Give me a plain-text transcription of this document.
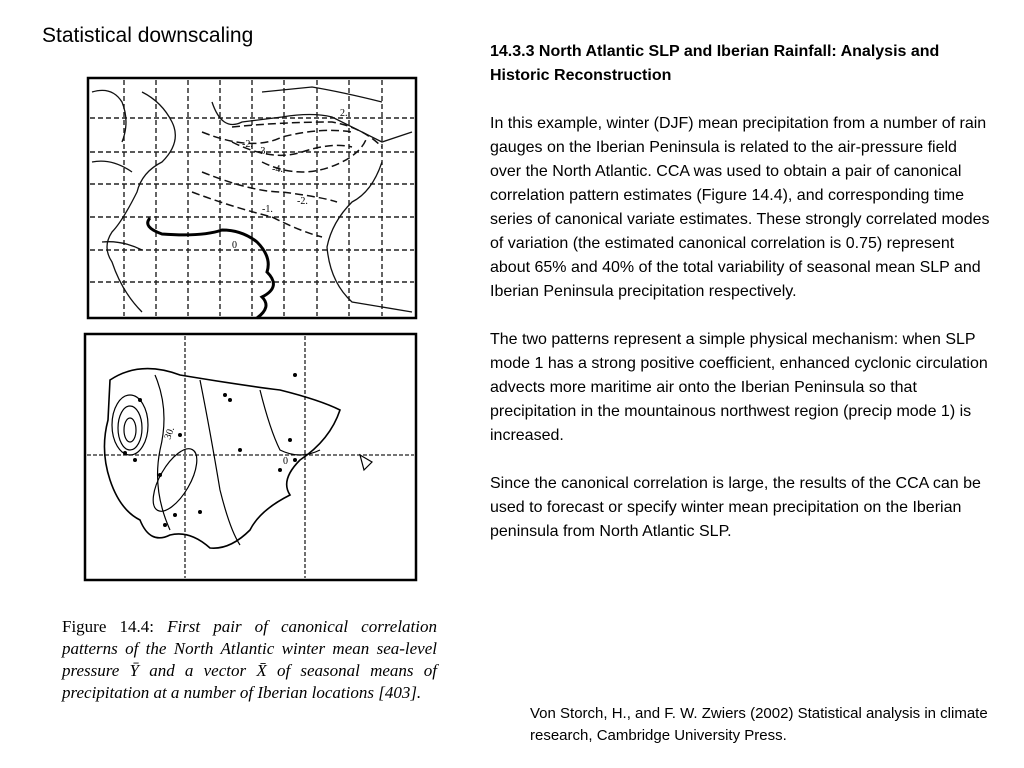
Statistical downscaling
-2.
-3.
-4.
-2.
-1.
0
2.
30.
0
Figure 14.4: First pair of canonical correlation patterns of the North Atlantic winter mean sea-level pressure Ȳ and a vector X̄ of seasonal means of precipitation at a number of Iberian locations [403].
14.3.3 North Atlantic SLP and Iberian Rainfall: Analysis and Historic Reconstruction

In this example, winter (DJF) mean precipitation from a number of rain gauges on the Iberian Peninsula is related to the air-pressure field over the North Atlantic. CCA was used to obtain a pair of canonical correlation pattern estimates (Figure 14.4), and corresponding time series of canonical variate estimates. These strongly correlated modes of variation (the estimated canonical correlation is 0.75) represent about 65% and 40% of the total variability of seasonal mean SLP and Iberian Peninsula precipitation respectively.

The two patterns represent a simple physical mechanism: when SLP mode 1 has a strong positive coefficient, enhanced cyclonic circulation advects more maritime air onto the Iberian Peninsula so that precipitation in the mountainous northwest region (precip mode 1) is increased.

Since the canonical correlation is large, the results of the CCA can be used to forecast or specify winter mean precipitation on the Iberian peninsula from North Atlantic SLP.

Von Storch, H., and F. W. Zwiers (2002) Statistical analysis in climate research, Cambridge University Press.
